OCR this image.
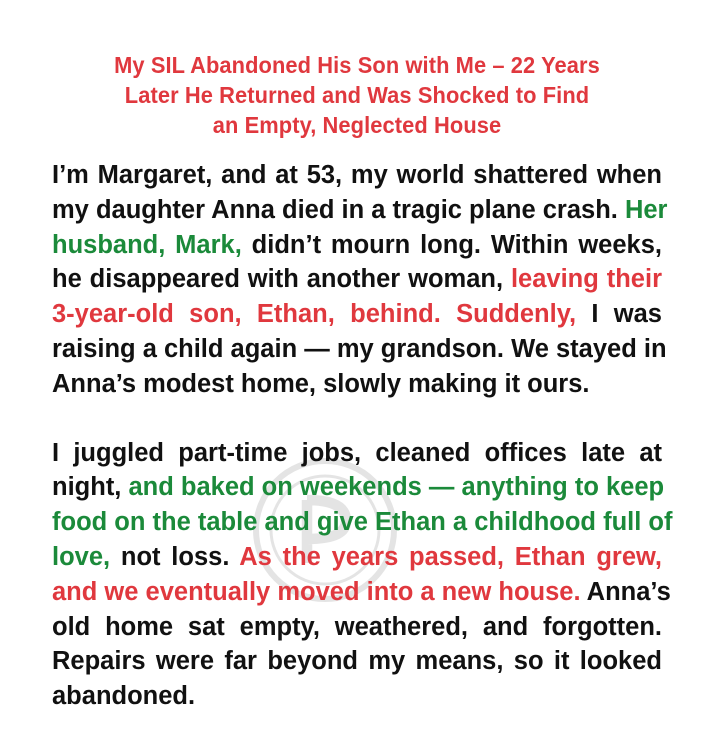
My SIL Abandoned His Son with Me – 22 Years
Later He Returned and Was Shocked to Find
an Empty, Neglected House

I’m Margaret, and at 53, my world shattered when
my daughter Anna died in a tragic plane crash. Her
husband, Mark, didn’t mourn long. Within weeks,
he disappeared with another woman, leaving their
3-year-old son, Ethan, behind. Suddenly, I was
raising a child again — my grandson. We stayed in
Anna’s modest home, slowly making it ours.

I juggled part-time jobs, cleaned offices late at
night, and baked on weekends — anything to keep
food on the table and give Ethan a childhood full of
love, not loss. As the years passed, Ethan grew,
and we eventually moved into a new house. Anna’s
old home sat empty, weathered, and forgotten.
Repairs were far beyond my means, so it looked
abandoned.
